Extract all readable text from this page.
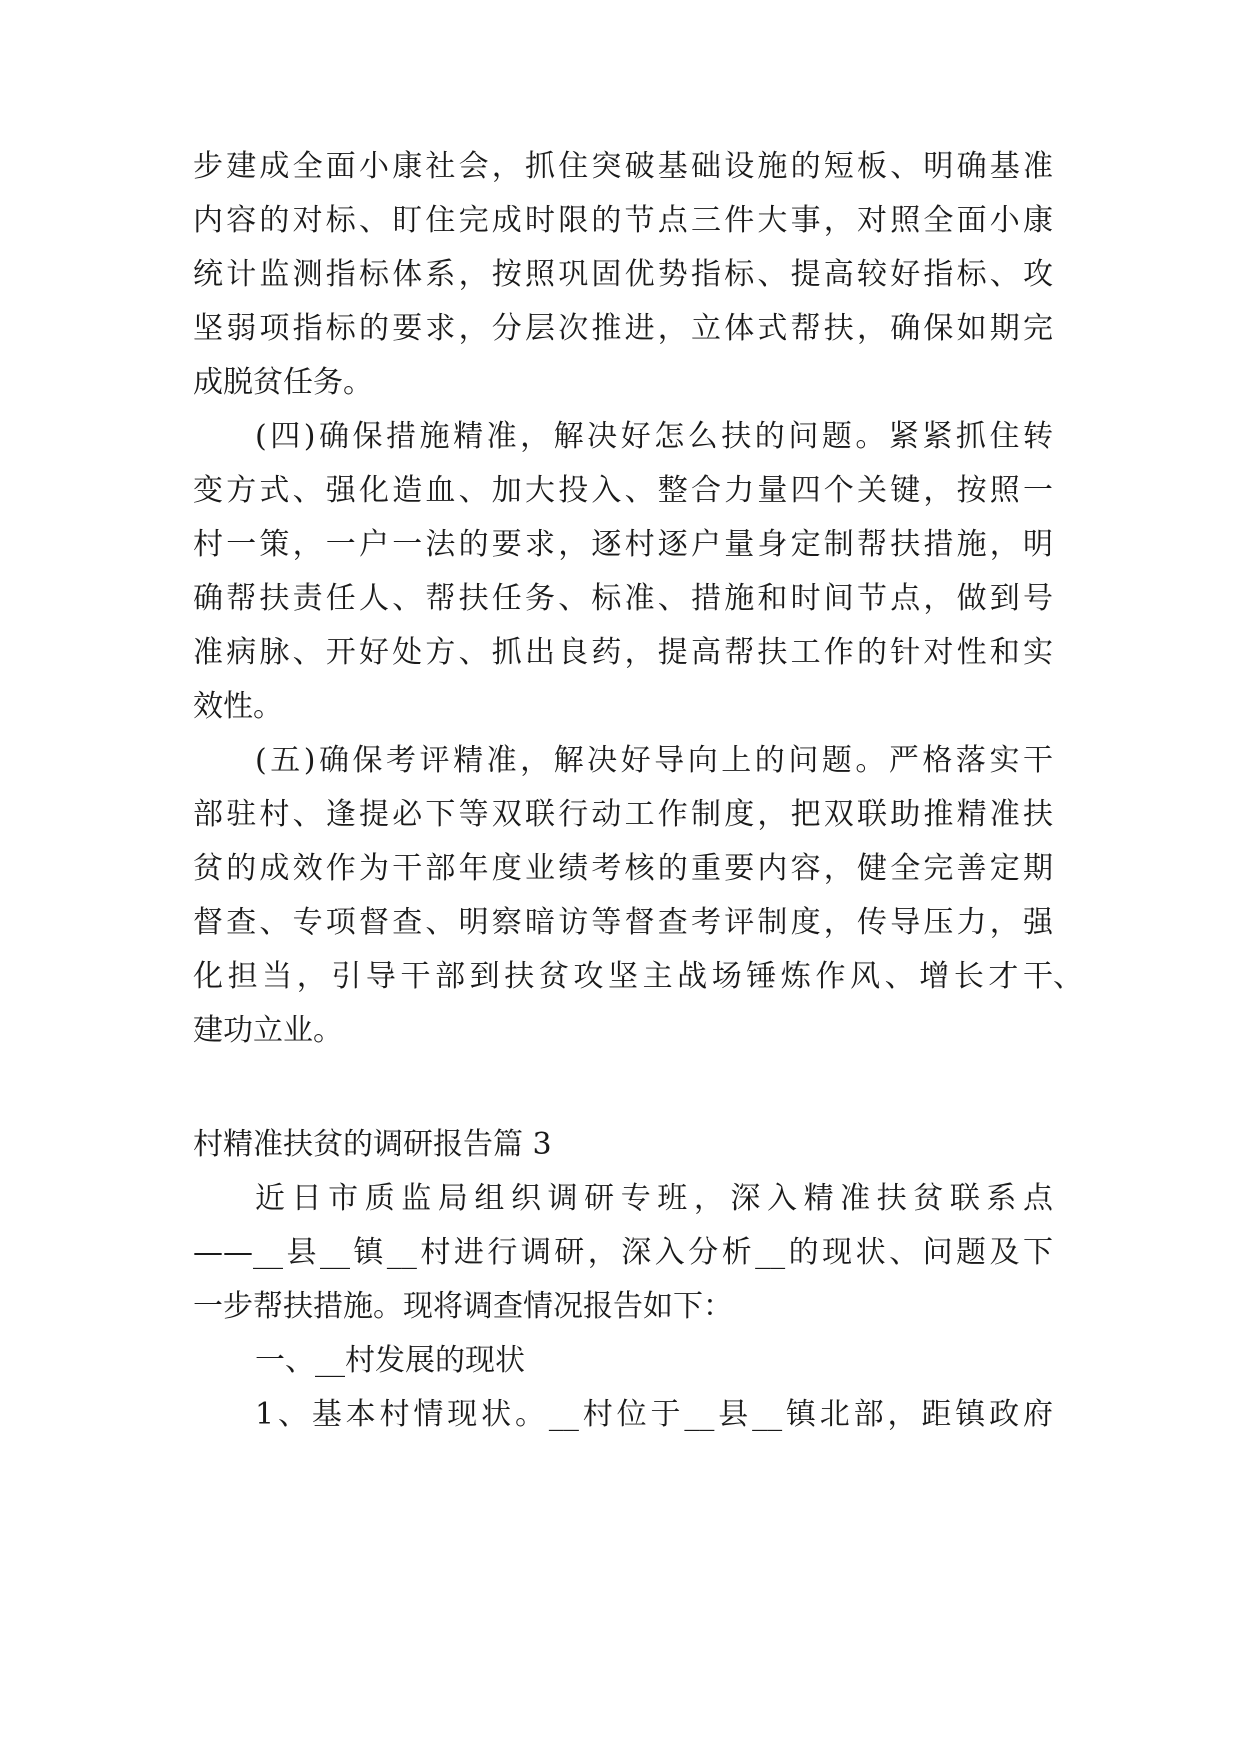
步建成全面小康社会，抓住突破基础设施的短板、明确基准
内容的对标、盯住完成时限的节点三件大事，对照全面小康
统计监测指标体系，按照巩固优势指标、提高较好指标、攻
坚弱项指标的要求，分层次推进，立体式帮扶，确保如期完
成脱贫任务。
(四)确保措施精准，解决好怎么扶的问题。紧紧抓住转
变方式、强化造血、加大投入、整合力量四个关键，按照一
村一策，一户一法的要求，逐村逐户量身定制帮扶措施，明
确帮扶责任人、帮扶任务、标准、措施和时间节点，做到号
准病脉、开好处方、抓出良药，提高帮扶工作的针对性和实
效性。
(五)确保考评精准，解决好导向上的问题。严格落实干
部驻村、逢提必下等双联行动工作制度，把双联助推精准扶
贫的成效作为干部年度业绩考核的重要内容，健全完善定期
督查、专项督查、明察暗访等督查考评制度，传导压力，强
化担当，引导干部到扶贫攻坚主战场锤炼作风、增长才干 、
建功立业。
村精准扶贫的调研报告篇 3
近日市质监局组织调研专班，深入精准扶贫联系点
——__县__镇__村进行调研，深入分析__的现状、问题及下
一步帮扶措施。现将调查情况报告如下：
一、__村发展的现状
1、基本村情现状。__村位于__县__镇北部，距镇政府
